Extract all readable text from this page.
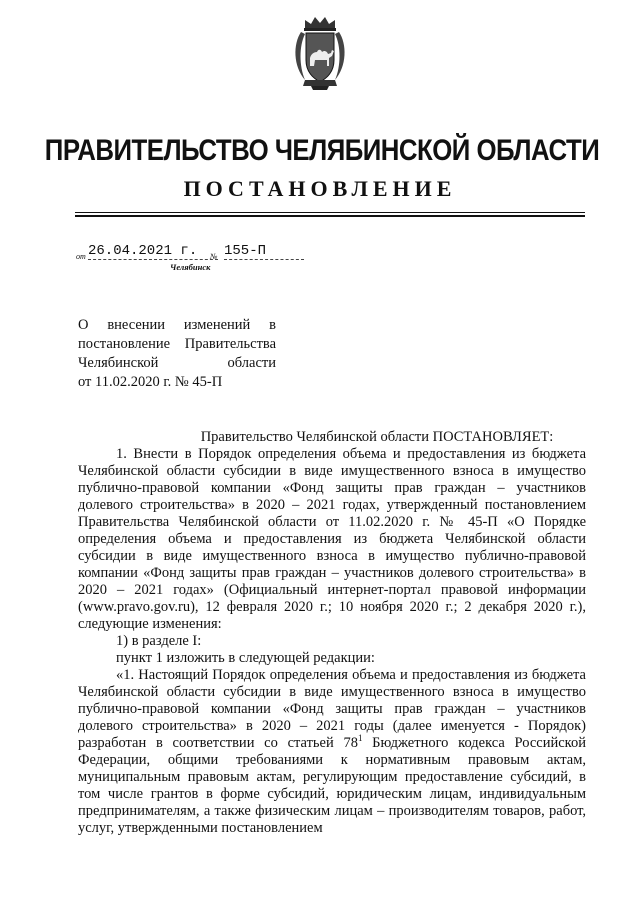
ПРАВИТЕЛЬСТВО ЧЕЛЯБИНСКОЙ ОБЛАСТИ
ПОСТАНОВЛЕНИЕ
от 26.04.2021 г.	№ 155-П
Челябинск
О внесении изменений в
постановление Правительства
Челябинской области
от 11.02.2020 г. № 45-П

Правительство Челябинской области ПОСТАНОВЛЯЕТ:

1. Внести в Порядок определения объема и предоставления из бюджета Челябинской области субсидии в виде имущественного взноса в имущество публично-правовой компании «Фонд защиты прав граждан – участников долевого строительства» в 2020 – 2021 годах, утвержденный постановлением Правительства Челябинской области от 11.02.2020 г. № 45-П «О Порядке определения объема и предоставления из бюджета Челябинской области субсидии в виде имущественного взноса в имущество публично-правовой компании «Фонд защиты прав граждан – участников долевого строительства» в 2020 – 2021 годах» (Официальный интернет-портал правовой информации (www.pravo.gov.ru), 12 февраля 2020 г.; 10 ноября 2020 г.; 2 декабря 2020 г.), следующие изменения:

1) в разделе I:

пункт 1 изложить в следующей редакции:

«1. Настоящий Порядок определения объема и предоставления из бюджета Челябинской области субсидии в виде имущественного взноса в имущество публично-правовой компании «Фонд защиты прав граждан – участников долевого строительства» в 2020 – 2021 годы (далее именуется - Порядок) разработан в соответствии со статьей $78^1$ Бюджетного кодекса Российской Федерации, общими требованиями к нормативным правовым актам, муниципальным правовым актам, регулирующим предоставление субсидий, в том числе грантов в форме субсидий, юридическим лицам, индивидуальным предпринимателям, а также физическим лицам – производителям товаров, работ, услуг, утвержденными постановлением
